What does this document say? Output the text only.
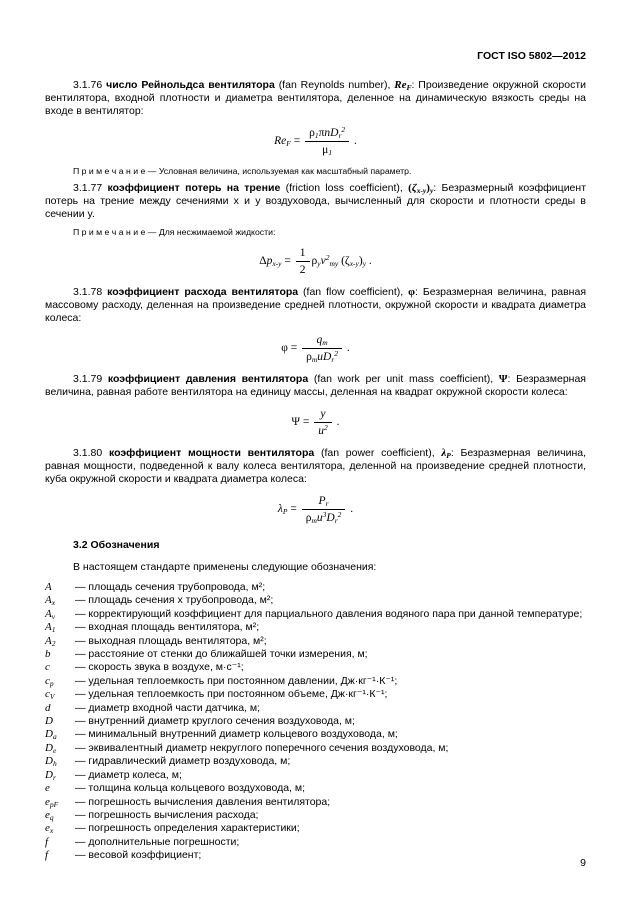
ГОСТ ISO 5802—2012

3.1.76 число Рейнольдса вентилятора (fan Reynolds number), $Re_F$: Произведение окружной скорости вентилятора, входной плотности и диаметра вентилятора, деленное на динамическую вязкость среды на входе в вентилятор:

$Re_F = \frac{\rho_1\pi nD_r^2}{\mu_1}$ .

П р и м е ч а н и е — Условная величина, используемая как масштабный параметр.

3.1.77 коэффициент потерь на трение (friction loss coefficient), $(\zeta_{x-y})_y$: Безразмерный коэффициент потерь на трение между сечениями x и y воздуховода, вычисленный для скорости и плотности среды в сечении y.

П р и м е ч а н и е — Для несжимаемой жидкости:

$\Delta p_{x-y} = \frac{1}{2} \rho_yv^2_{my}$ $(\zeta_{x-y})_y$ .

3.1.78 коэффициент расхода вентилятора (fan flow coefficient), φ: Безразмерная величина, равная массовому расходу, деленная на произведение средней плотности, окружной скорости и квадрата диаметра колеса:

$\varphi = \frac{q_m}{\rho_muD_r^2}$ .

3.1.79 коэффициент давления вентилятора (fan work per unit mass coefficient), Ψ: Безразмерная величина, равная работе вентилятора на единицу массы, деленная на квадрат окружной скорости колеса:

$\Psi = \frac{y}{u^2}$ .

3.1.80 коэффициент мощности вентилятора (fan power coefficient), $\lambda_P$: Безразмерная величина, равная мощности, подведенной к валу колеса вентилятора, деленной на произведение средней плотности, куба окружной скорости и квадрата диаметра колеса:

$\lambda_P = \frac{P_r}{\rho_mu^3D_r^2}$ .
3.2 Обозначения

В настоящем стандарте применены следующие обозначения:

A	— площадь сечения трубопровода, м²;
$A_x$	— площадь сечения x трубопровода, м²;
$A_v$	— корректирующий коэффициент для парциального давления водяного пара при данной температуре;
$A_1$	— входная площадь вентилятора, м²;
$A_2$	— выходная площадь вентилятора, м²;
b	— расстояние от стенки до ближайшей точки измерения, м;
c	— скорость звука в воздухе, м·с⁻¹;
$c_p$	— удельная теплоемкость при постоянном давлении, Дж·кг⁻¹·К⁻¹;
$c_V$	— удельная теплоемкость при постоянном объеме, Дж·кг⁻¹·К⁻¹;
d	— диаметр входной части датчика, м;
D	— внутренний диаметр круглого сечения воздуховода, м;
$D_a$	— минимальный внутренний диаметр кольцевого воздуховода, м;
$D_e$	— эквивалентный диаметр некруглого поперечного сечения воздуховода, м;
$D_h$	— гидравлический диаметр воздуховода, м;
$D_r$	— диаметр колеса, м;
e	— толщина кольца кольцевого воздуховода, м;
$e_{pF}$	— погрешность вычисления давления вентилятора;
$e_q$	— погрешность вычисления расхода;
$e_x$	— погрешность определения характеристики;
f	— дополнительные погрешности;
f	— весовой коэффициент;
9
